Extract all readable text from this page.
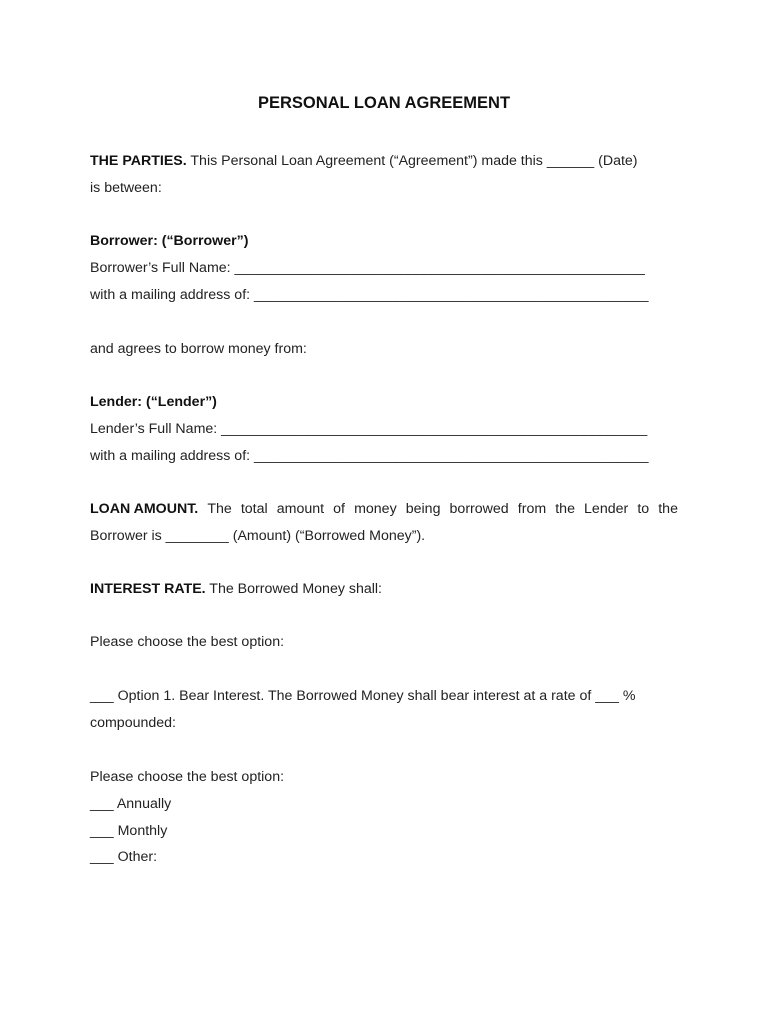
PERSONAL LOAN AGREEMENT
THE PARTIES. This Personal Loan Agreement (“Agreement”) made this ______ (Date)
is between:
Borrower: (“Borrower”)
Borrower’s Full Name: ____________________________________________________
with a mailing address of: __________________________________________________
and agrees to borrow money from:
Lender: (“Lender”)
Lender’s Full Name: ______________________________________________________
with a mailing address of: __________________________________________________
LOAN AMOUNT. The total amount of money being borrowed from the Lender to the
Borrower is ________ (Amount) (“Borrowed Money”).
INTEREST RATE. The Borrowed Money shall:
Please choose the best option:
___ Option 1. Bear Interest. The Borrowed Money shall bear interest at a rate of ___ %
compounded:
Please choose the best option:
___ Annually
___ Monthly
___ Other:
